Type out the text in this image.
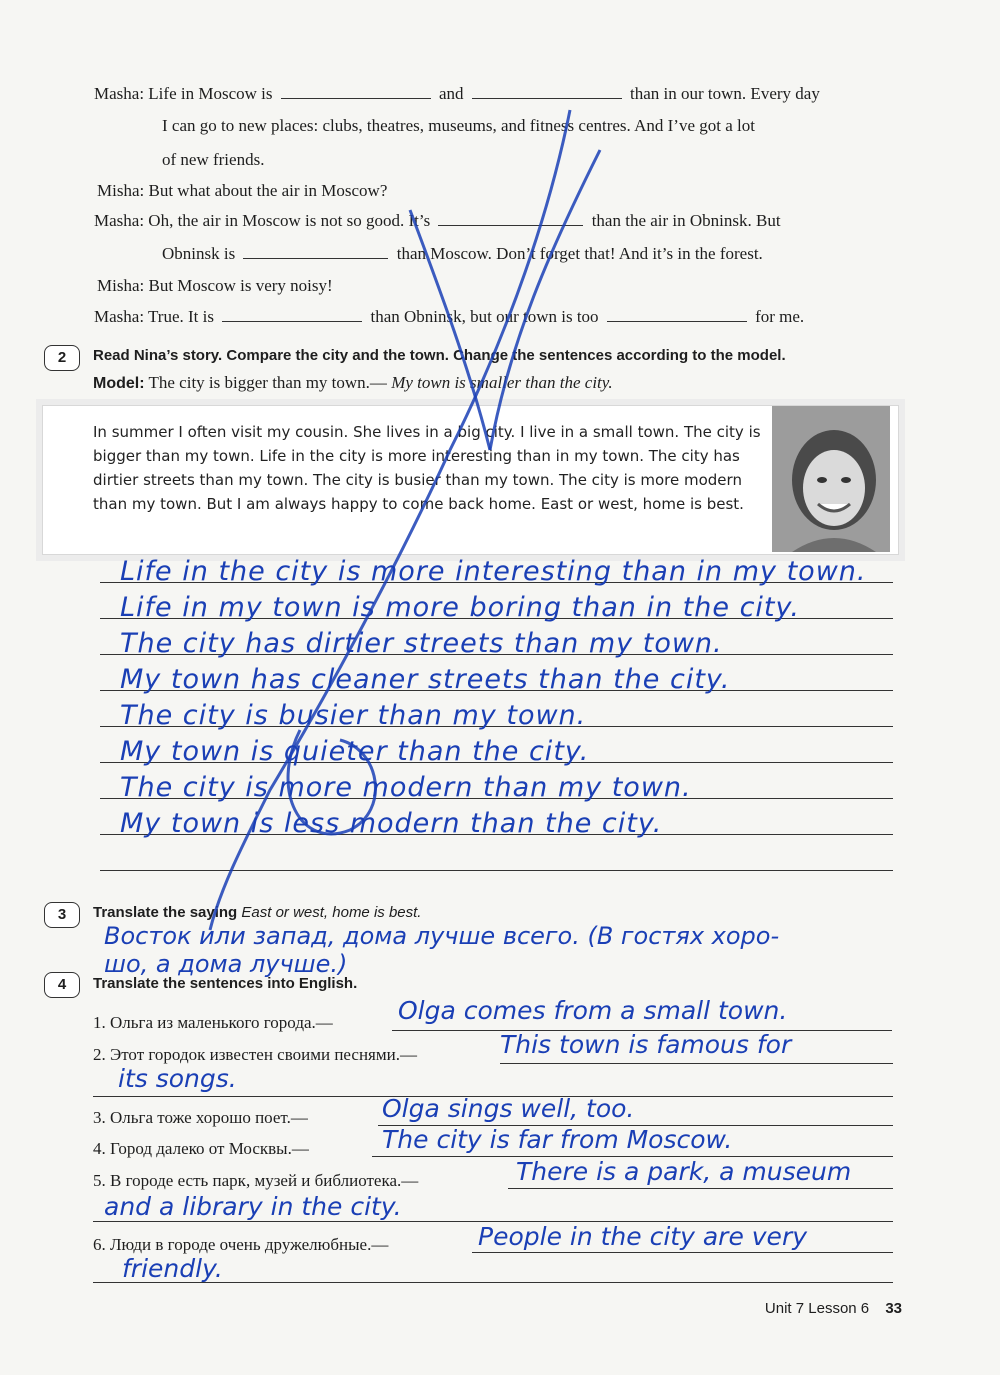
Masha: Life in Moscow is	and	than in our town. Every day
I can go to new places: clubs, theatres, museums, and fitness centres. And I’ve got a lot
of new friends.
Misha: But what about the air in Moscow?
Masha: Oh, the air in Moscow is not so good. It’s	than the air in Obninsk. But
Obninsk is	than Moscow. Don’t forget that! And it’s in the forest.
Misha: But Moscow is very noisy!
Masha: True. It is	than Obninsk, but our town is too	for me.
2	Read Nina’s story. Compare the city and the town. Change the sentences according to the model.
Model: The city is bigger than my town.— My town is smaller than the city.
In summer I often visit my cousin. She lives in a big city. I live in a small town. The city is bigger than my town. Life in the city is more interesting than in my town. The city has dirtier streets than my town. The city is busier than my town. The city is more modern than my town. But I am always happy to come back home. East or west, home is best.
Life in the city is more interesting than in my town.
Life in my town is more boring than in the city.
The city has dirtier streets than my town.
My town has cleaner streets than the city.
The city is busier than my town.
My town is quieter than the city.
The city is more modern than my town.
My town is less modern than the city.
3	Translate the saying East or west, home is best.
Восток или запад, дома лучше всего. (В гостях хоро-
шо, а дома лучше.)
4	Translate the sentences into English.
1. Ольга из маленького города.—	Olga comes from a small town.
2. Этот городок известен своими песнями.—	This town is famous for
its songs.
3. Ольга тоже хорошо поет.—	Olga sings well, too.
4. Город далеко от Москвы.—	The city is far from Moscow.
5. В городе есть парк, музей и библиотека.—	There is a park, a museum
and a library in the city.
6. Люди в городе очень дружелюбные.—	People in the city are very
friendly.
Unit 7 Lesson 6 33
